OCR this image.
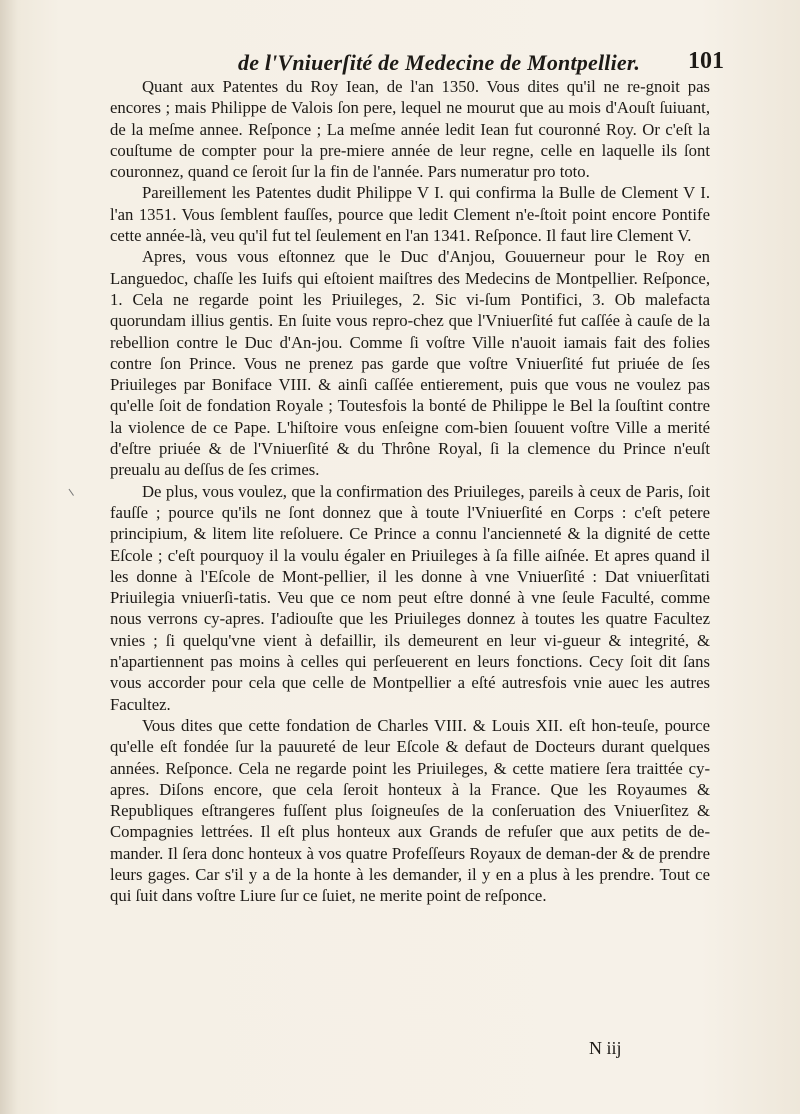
de l'Vniuerſité de Medecine de Montpellier. 101

Quant aux Patentes du Roy Iean, de l'an 1350. Vous dites qu'il ne re-gnoit pas encores ; mais Philippe de Valois ſon pere, lequel ne mourut que au mois d'Aouſt ſuiuant, de la meſme annee. Reſponce ; La meſme année ledit Iean fut couronné Roy. Or c'eſt la couſtume de compter pour la pre-miere année de leur regne, celle en laquelle ils ſont couronnez, quand ce ſeroit ſur la fin de l'année. Pars numeratur pro toto.

Pareillement les Patentes dudit Philippe V I. qui confirma la Bulle de Clement V I. l'an 1351. Vous ſemblent fauſſes, pource que ledit Clement n'e-ſtoit point encore Pontife cette année-là, veu qu'il fut tel ſeulement en l'an 1341. Reſponce. Il faut lire Clement V.

Apres, vous vous eſtonnez que le Duc d'Anjou, Gouuerneur pour le Roy en Languedoc, chaſſe les Iuifs qui eſtoient maiſtres des Medecins de Montpellier. Reſponce, 1. Cela ne regarde point les Priuileges, 2. Sic vi-ſum Pontifici, 3. Ob malefacta quorundam illius gentis. En ſuite vous repro-chez que l'Vniuerſité fut caſſée à cauſe de la rebellion contre le Duc d'An-jou. Comme ſi voſtre Ville n'auoit iamais fait des folies contre ſon Prince. Vous ne prenez pas garde que voſtre Vniuerſité fut priuée de ſes Priuileges par Boniface VIII. & ainſi caſſée entierement, puis que vous ne voulez pas qu'elle ſoit de fondation Royale ; Toutesfois la bonté de Philippe le Bel la ſouſtint contre la violence de ce Pape. L'hiſtoire vous enſeigne com-bien ſouuent voſtre Ville a merité d'eſtre priuée & de l'Vniuerſité & du Thrône Royal, ſi la clemence du Prince n'euſt preualu au deſſus de ſes crimes.

De plus, vous voulez, que la confirmation des Priuileges, pareils à ceux de Paris, ſoit fauſſe ; pource qu'ils ne ſont donnez que à toute l'Vniuerſité en Corps : c'eſt petere principium, & litem lite reſoluere. Ce Prince a connu l'ancienneté & la dignité de cette Eſcole ; c'eſt pourquoy il la voulu égaler en Priuileges à ſa fille aiſnée. Et apres quand il les donne à l'Eſcole de Mont-pellier, il les donne à vne Vniuerſité : Dat vniuerſitati Priuilegia vniuerſi-tatis. Veu que ce nom peut eſtre donné à vne ſeule Faculté, comme nous verrons cy-apres. I'adiouſte que les Priuileges donnez à toutes les quatre Facultez vnies ; ſi quelqu'vne vient à defaillir, ils demeurent en leur vi-gueur & integrité, & n'apartiennent pas moins à celles qui perſeuerent en leurs fonctions. Cecy ſoit dit ſans vous accorder pour cela que celle de Montpellier a eſté autresfois vnie auec les autres Facultez.

Vous dites que cette fondation de Charles VIII. & Louis XII. eſt hon-teuſe, pource qu'elle eſt fondée ſur la pauureté de leur Eſcole & defaut de Docteurs durant quelques années. Reſponce. Cela ne regarde point les Priuileges, & cette matiere ſera traittée cy-apres. Diſons encore, que cela ſeroit honteux à la France. Que les Royaumes & Republiques eſtrangeres fuſſent plus ſoigneuſes de la conſeruation des Vniuerſitez & Compagnies lettrées. Il eſt plus honteux aux Grands de refuſer que aux petits de de-mander. Il ſera donc honteux à vos quatre Profeſſeurs Royaux de deman-der & de prendre leurs gages. Car s'il y a de la honte à les demander, il y en a plus à les prendre. Tout ce qui ſuit dans voſtre Liure ſur ce ſuiet, ne merite point de reſponce.

N iij
